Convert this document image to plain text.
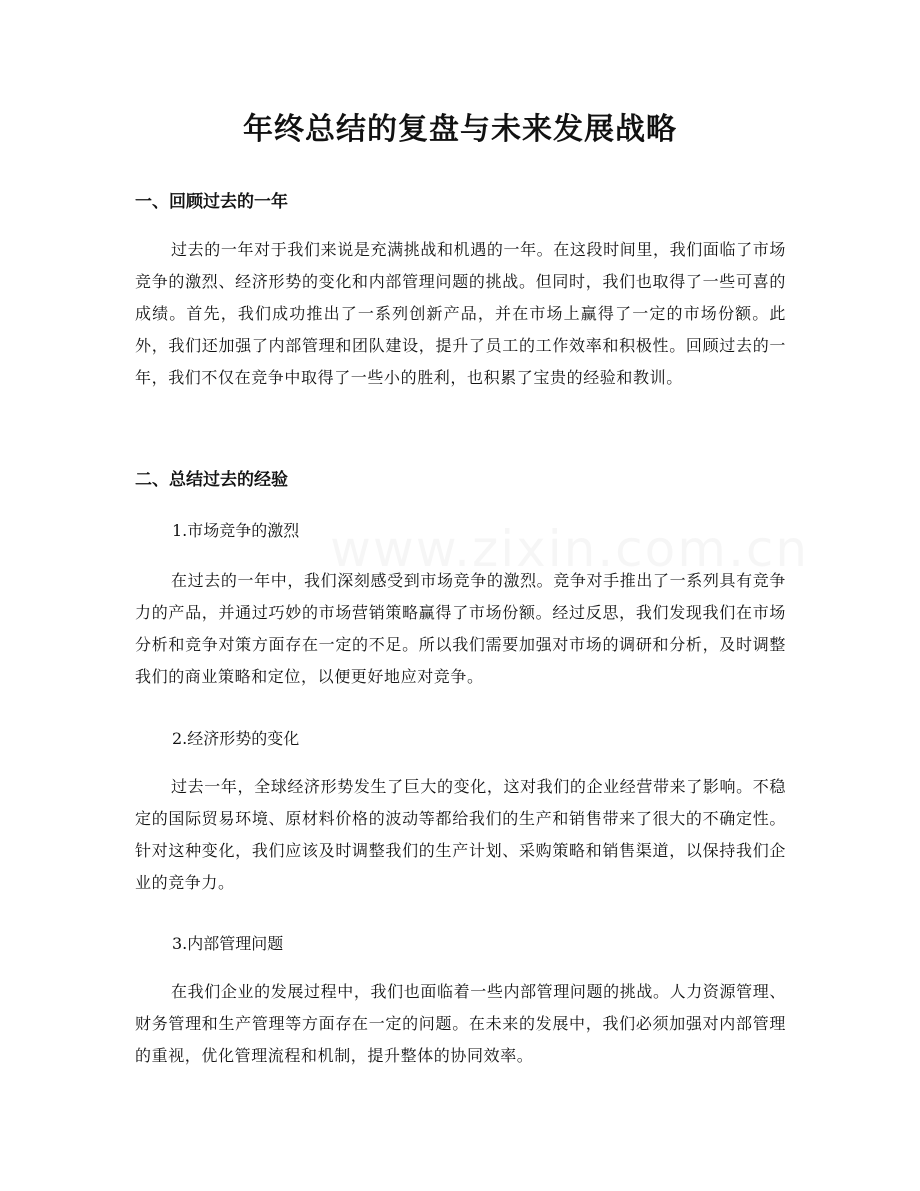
年终总结的复盘与未来发展战略
一、回顾过去的一年

过去的一年对于我们来说是充满挑战和机遇的一年。在这段时间里，我们面临了市场竞争的激烈、经济形势的变化和内部管理问题的挑战。但同时，我们也取得了一些可喜的成绩。首先，我们成功推出了一系列创新产品，并在市场上赢得了一定的市场份额。此外，我们还加强了内部管理和团队建设，提升了员工的工作效率和积极性。回顾过去的一年，我们不仅在竞争中取得了一些小的胜利，也积累了宝贵的经验和教训。

二、总结过去的经验

1.市场竞争的激烈

在过去的一年中，我们深刻感受到市场竞争的激烈。竞争对手推出了一系列具有竞争力的产品，并通过巧妙的市场营销策略赢得了市场份额。经过反思，我们发现我们在市场分析和竞争对策方面存在一定的不足。所以我们需要加强对市场的调研和分析，及时调整我们的商业策略和定位，以便更好地应对竞争。

2.经济形势的变化

过去一年，全球经济形势发生了巨大的变化，这对我们的企业经营带来了影响。不稳定的国际贸易环境、原材料价格的波动等都给我们的生产和销售带来了很大的不确定性。针对这种变化，我们应该及时调整我们的生产计划、采购策略和销售渠道，以保持我们企业的竞争力。

3.内部管理问题

在我们企业的发展过程中，我们也面临着一些内部管理问题的挑战。人力资源管理、财务管理和生产管理等方面存在一定的问题。在未来的发展中，我们必须加强对内部管理的重视，优化管理流程和机制，提升整体的协同效率。
